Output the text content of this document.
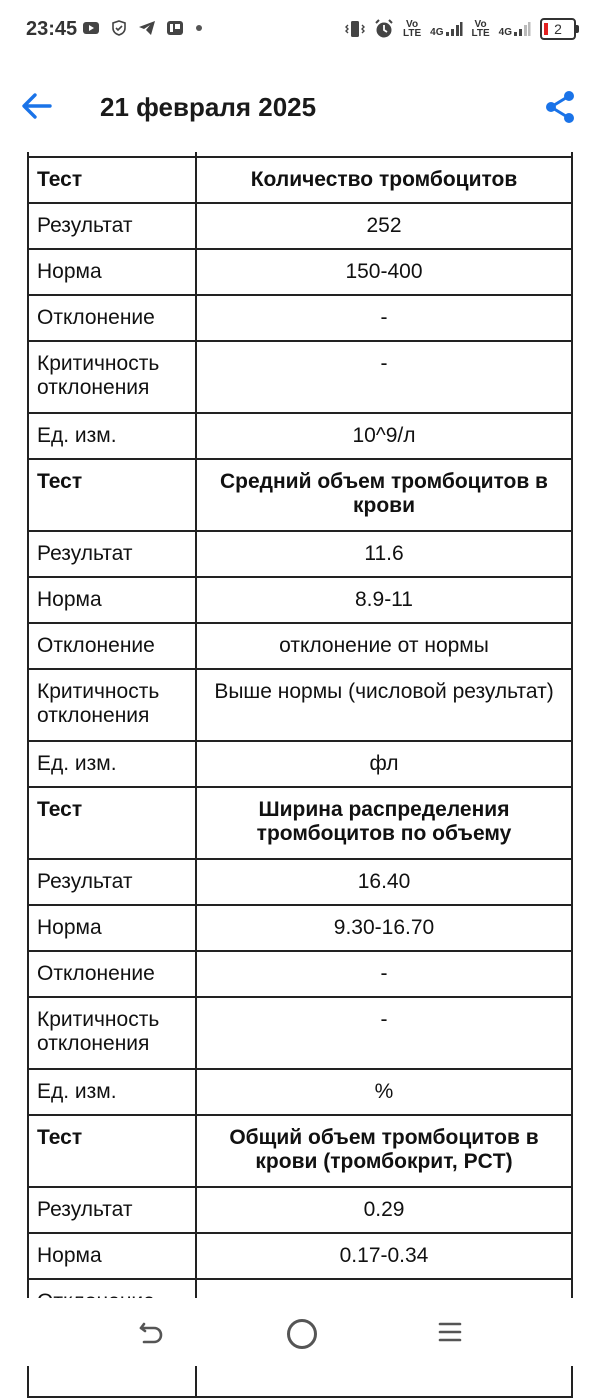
23:45	Vo
LTE 4G
Vo
LTE 4G	2
21 февраля 2025

Тест	Количество тромбоцитов
Результат	252
Норма	150-400
Отклонение	-
Критичность отклонения	-
Ед. изм.	10^9/л
Тест	Средний объем тромбоцитов в крови
Результат	11.6
Норма	8.9-11
Отклонение	отклонение от нормы
Критичность отклонения	Выше нормы (числовой результат)
Ед. изм.	фл
Тест	Ширина распределения тромбоцитов по объему
Результат	16.40
Норма	9.30-16.70
Отклонение	-
Критичность отклонения	-
Ед. изм.	%
Тест	Общий объем тромбоцитов в крови (тромбокрит, PCT)
Результат	0.29
Норма	0.17-0.34
